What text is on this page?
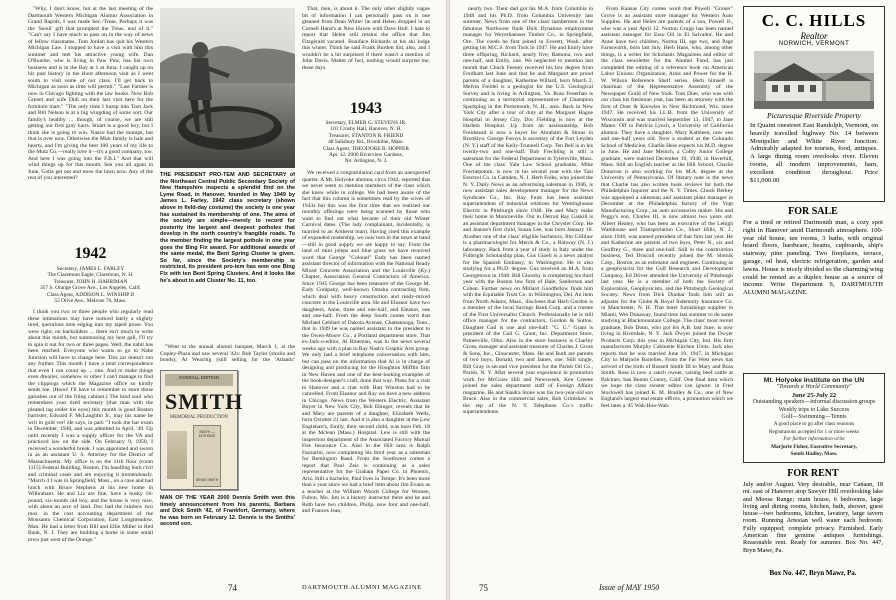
"Why, I don't know, but at the last meeting of the Dartmouth Western Michigan Alumni Association in Grand Rapids, I was made Sec.-Treas. Perhaps it was the 'Seoul' gift that prompted the Treas. end of it." "Can't say I have much to pass on in the way of news of fellow classmates. Tom Jordan has quit his Western Michigan Law. I stopped to have a visit with him this summer and met his attractive young wife. Dan O'Rourke, who is living in Paw Paw, has his own business and is in the Bay at 1 at Jima. I caught up on his past history in the short afternoon visit as I went south to visit some of our class. I'll get back to Michigan as soon as time will permit." "Last Farmer is now in Chicago fighting with the law books. Now Bob Grenel and wife Didi on their last visit here for the furniture mart." "The only time I bump into Tom Jack and Bill Nelson is at a big wingding of some sort. Our family's healthy ... though, of course, we are still getting our first gray hairs. Stuart is a good boy, but I think she is going to win. Nance had the mumps, but that is over now. Otherwise the Muir family is hale and hearty, and I'm giving the best 100 years of my life to the Mutz Co.—really love it—it's a good company, too. And here I was going into the F.B.I." And that will wind things up for this month. See you all again in June. Gotta get out and mow the lawn now. Any of the rest of you interested?

1942
Secretary, JAMES L. FARLEY
The Claremont Eagle, Claremont, N. H.
Treasurer, JOHN H. HARRIMAN
357 S. Orange Grove Ave., Los Angeles, Calif.
Class Agent, ADDISON L. WINSHIP II
55 Olive Ave., Melrose 76, Mass.

I think you two or three people who regularly read these intimations may have noticed lately a slightly tired, querulous note edging into my taped prose. You were right, on backsliders ... there isn't much to write about this month, but summoning my best gall, I'll try to spin it out for two or three pages. Well, the nabit has been reached. Everyone who wants to go to Nahe Junction will have to change here. This car doesn't run any further. This month I have a total correspondence that even I can count up ... one. And to make things even drearier, somehow or other I can't manage to find the clippings which the Magazine office so kindly sends me. (Hooo! I'll have to remember to store those galoshes out of the filing cabinet.) The kind soul who remembers your tired secretary (that man with the pleated tag under his eyes) this month is good Boston barrister, Edward F. McLaughlin Jr., may his name be writ in gold ver! He says, in part: "I took the bar exam in December, 1948, and was admitted in April, '49. Up until recently I was a supply officer for the VA and practiced law on the side. On February 9, 1950, I received a wonderful break. I was appointed and sworn in as an assistant U. S. Attorney for the District of Massachusetts. My office is on the 11th floor (room 1115) Federal Building, Boston. I'm handling both civil and criminal cases and am enjoying it tremendously. "March 4 I was in Springfield, Mass., on a case and had lunch with Bruce Stephens at his new home in Wilbraham. He and Liz are fine, have a husky 18-pound, six-month old boy, and the house is very nice, with about an acre of land. Doc had the rainbow two mos. in the cost accounting department of the Monsanto Chemical Corporation, East Longmeadow. Man. He had a letter from Bill and Ellie Miller in Red Bank, N. J. They are building a home in some small town just west of the Orange."

THE PRESIDENT PRO-TEM AND SECRETARY of the Northeast Central Public Secondary Society of New Hampshire inspects a splendid find on the Lyme Road, in Hanover, founded in May 1949 by James L. Farley, 1942 class secretary (shown above in field-day costume) the society is one year has sustained its membership of one. The aims of the society are simple—merely to record for posterity the largest and deepest potholes that develop in the north country's frangible roads. To the member finding the largest pothole in one year goes the Bing Fix award. For additional awards of the same medal, the Bent Spring Cluster is given. So far, since the Society's membership is restricted, its president pro-tem has won one Bing Fix with ten Bent Spring Clusters. And it looks like he's about to add Cluster No. 11, too.

"Went to the annual alumni banquet, March 1, at the Copley-Plaza and saw several '42s: Bob Taylor (stocks and bonds); Al Weachig (still selling for the 'Atlantic'

OVERALL EDITION
SMITH
MEMORIAL PRODUCTION
SMITH — EDITIONS
DENIS SMITH
MAN OF THE YEAR 2000 Dennis Smith won this timely announcement from his parents, Barbara and Dick Smith '42, of Frankfort, Germany, where he was born on February 12. Dennis is the Smiths' second son.

That, men, is about it. The only other slightly vague bit of information I can personally pass on is one gleaned from Dean White: he and Helen dropped in on Cornell Hand's at New Haven with Dave Hull. I hate to report that Helen still retains the office that Jim Fitzgerald vacated. Boniface Richards at his ski lodge this winter. Think he said Frank Burdett did, also, and I wouldn't be a bit surprised if there wasn't a mention of John Davis. Matter of fact, nothing would surprise me, these days.

1943
Secretary, ELMER G. STEVENS JR.
101 Crosby Hall, Hanover, N. H.
Treasurer, STANTON R. FRIEND
48 Salisbury Rd., Brookline, Mass.
Class Agent, THEODORE R. HOPPER
Apt. 12, 2000 Riverview Gardens,
No. Arlington, N. J.

We received a congratulation card from an unexpected quarter. A Mt. Holyoke alumna, circa 1942, reported that we never seem to mention members of the class which she knew while in college. We had been aware of the fact that this column is sometimes read by the wives of 1943s but this was the first time that we realized our monthly offerings were being scanned by those who want to find out what became of their old Winter Carnival dates. (The lady complainant, incidentally, is married to an Amherst man). Having cited this example of expanded readership, we now turn to the news at hand—still in good supply we are happy to say. From the land of mint juleps and blue grass we have received word that George "Colonel" Eady has been named assistant director of information with the National Ready Mixed Concrete Association and the Louisville (Ky.) Chapter, Association General Contractors of America. Since 1945 George has been treasurer of the George M. Eady Company, well-known Omaha contracting firm, which deal with heavy construction and ready-mixed concrete in the Louisville area. He and Eleanor have two daughters, Anne, three and one-half, and Eleanor, one and one-half. From the deep South comes word that Michael Gebhart of Dakota Avenue, Chattanooga, Tenn., that in 1949 he was named assistant to the president to the Owen-Moore Co., a Portland department store. That ex-Jack-o-editor, Al Rineman, was in the news several weeks ago with a plan to Ray Nash's Graphic Arts group. We only had a brief telephone conversation with him, but can pass on the information that Al is in charge of designing and producing for the Houghton Mifflin firm in New Haven and one of the best-looking examples of the book-designer's craft, done that way. Plans for a visit to Hanover and a chat with Hart Winston had to be cancelled. From Eleanor and Ray we have a new address in Chicago. News from the Western Electric, Assistant Buyer in New York City, Bob Ebinger, reveals that he and Mary are parents of a daughter, Elizabeth Wells, born October 21 last. And it is also a daughter at the Lew Englehart's, Emily, their second child, was born Feb. 18 at the Mclean (Mass.) Hospital. Lew is still with the inspection department of the Associated Factory Mutual Fire Insurance Co. Also in the Hill area is Ralph Fazzarini, now completing his third year as a salesman for Remington Rand. From the Southwest comes a report that Paul Zeis is continuing as a sales representative for the Graham Paper Co. in Phoenix, Ariz. Still a bachelor, Paul lives in Tempe. It's been more than a year since we had a brief item about Jim Evans as a teacher at the William Woods College for Women, Fulton, Mo. Jim is a history instructor there and he and Ruth have two children, Philip, now four and one-half, and Frances Jean,

74	DARTMOUTH ALUMNI MAGAZINE

nearly two. Their dad got his M.A. from Columbia in 1948 and his Ph.D. from Columbia University last summer. News from one of the class' lumbermen in the fabulous Northwest finds Dick Dynamus employment manager for Weyerhaeuser Timber Co., in Springfield, Ore. The coeds he first joined in Everett, Wash. after getting his M.C.S. from Tuck in 1947. He and Emily have three offspring, Richard, nearly five; Ramona, two and one-half, and Emily, one. We neglected to mention last month that Chuck Feeney received his law degree from Fordham last June and that he and Margaret are proud parents of a daughter, Katherine Willard, born March 2. Melvin Freidel is a geologist for the U.S. Geological Survey and is living in Arlington, Va. Russ Feuerhan is continuing as a territorial representative of Champion Sparkplug in the Portsmouth, N. H., area. Back in New York City after a tour of duty at the Margaret Hague Hospital in Jersey City, Doc Fielding is now at the Harlem Hospital. Up from an assistantship, Bob Freidstead is now a buyer for Abraham & Straus in Brooklyn. George Fornys is secretary of the Fort Leyden (N. Y.) staff of the Kelly-Trunnell Corp. Ten Bell is in his twenty-two and one-half. Bob Frechling is still a salesman for the Federal Department in Tylersville, Mass. One of the class' Yale Law School graduates, Mike Frechepotom, is now in his second year with the Tosi Erectrol Co. in Camden, N. J. Herb Folks, who joined the N. Y. Daily News as an advertising salesman in 1946, is now assistant sales development manager for the News Syndicate Co., Inc. Ray Funk has been assistant superintendent of industrial relations for Westinghouse Electric in Pittsburgh since 1948. He and Mary make their home in Monroeville. Out in Detroit Ray Gaskill is an assistant department manager in the Chrysler Corp. He and Jeanne's first child, Susan Lee, was born January 18. Another one of the class' eligible bachelors, Jim Gillilaw is a pharmacologist for Merck & Co., a Rahway (N. J.) laboratory. Back from a year of study in Italy under the Fulbright Scholarship plan, Gus Gioeli is a news analyst for the Spanish Embassy, in Washington. He is also studying for a Ph.D. degree. Gus received an M.A. from Georgetown in 1948. Bill Gloosby is completing his third year with the Boston law firm of Hale, Sanderson and Cohen. Further news on Millard Goodfellow finds him with the Equitable Trust Co. in Wilmington, Del. An item from North Adams, Mass., discloses that Herb Gordon is a member of the local Savings Bank Corp. and a trustee of the First Universalist Church. Professionally he is still office manager for the contractors, Gordon & Sutton. Daughter Gail is one and one-half. "G. G." Grant is president of the Gail G. Grant, Inc. Department Store, Painesville, Ohio. Also in the store business is Charley Gross, manager and assistant treasurer of Charles J. Gross & Sons, Inc., Gloucester, Mass. He and Ruth are parents of two boys, Donald, two and James, one. Still single, Bill Gray is second vice president for the Parish Oil Co., Parish, N. Y. After several year experience in promotion work for McGraw Hill and Newsweek, Ken Greene joined the sales department staff of Foreign Affairs magazine. He and Sandra Stone was his two-year-old son Bruce. Also in the commercial sales, Bob Grimshaw is the rep of the N. Y. Telephone Co.'s traffic superintendents.

From Kansas City comes word that Powell "Gruner" Grove is an assistant store manager for Western Auto Supplies. He and Helen are parents of a son, Powell Jr., who was a year April 12. Norton Grupp has been named assistant manager for Esso Oil in El Salvador. He and Anne have two children, Norma III, age two, and Page Farnsworth, born last July. Herb Hans, who, among other things, is a writer for Scholastic Magazines and editor of the class newsletter for the Alumni Fund, has just completed the editing of a reference book on American Labor Unions: Organization, Aims and Power for the H. W. Wilson Reference Shelf series. Herb himself is chairman of the Representative Assembly of the Newspaper Guild of New York. Tom Doer, who was with our class his freshman year, has been an attorney with the firm of Doer & Knowles in New Richmond, Wis. since 1947. He received his LL.B. from the University of Wisconsin and was married September 13, 1947, to Jane Mateo. Off to Patricia Lynch, a University of California alumna. They have a daughter, Mary Kathleen, now one and one-half years old. Now a student at the Colorado School of Medicine, Charlie Hess expects his M.D. degree in June. He and Jane Meinch, a Colby Junior College graduate, were married December 19, 1948, in Haverhill, Mass. Still an English teacher at the Hill School, Charlie Donovan is also working for his M.A. degree at the University of Pennsylvania. Of literary note is the news that Charlie has also written book reviews for both the Philadelphia Inquirer and the N. Y. Times. Chuck Berkey was appointed a salesman and assistant plant manager in December at the Philadelphia factory of the Vogt Manufacturing Corp., an auto accessories maker. His and Peggy's son, Charles III, is now almost two years old. Albert Healey, who has been an executive of the Lehigh Warehouse and Transportation Co., Short Hills, N. J., since 1946, was named president of that firm last year. He and Katherine are parents of two boys, Peter N., six and Geoffrey G., three and one-half. Still in the construction business, Ted Driscoll recently joined the M. Slotnik Corp., Boston, as an estimator and engineer. Continuing as a geophysicist for the Gulf Research and Development Company, Ed Driver attended the University of Pittsburgh last year. He is a member of both the Society of Exploration, Geophysicists, and the Pittsburgh Geological Society. News from Dick Dunbar finds him still an adjuster for the Globe & Royal Indemnity Insurance Co. in Manchester, N. H. That hotel furnishings supplier in Miami, Wes Dunaway, found time last summer to do some studying at Blackmountain College. The class' most recent graduate, Bob Dunn, who got his A.B. last June, is now living in Riverdale, N. Y. Jack Dwyer joined the Dwyer Products Corp. this year in Michigan City, Ind. His firm manufactures Murphy Cabinette Kitchen Units. Jack also reports that he was married June 19, 1947, in Michigan City to Marjorie Bartelles. From the Far West news has arrived of the birth of Russell Smith III to Mary and Russ Smith. Russ is now a ranch owner, raising beef cattle at Palcines, San Benito County, Calif. One final item which we hope the class rooster editor can ignore: in Fred Stockwell has joined K. M. Bradley & Co., one of New England's largest real estate offices, a promotion which we feel rates a '45 Wah-Hoo-Wah.

C. C. HILLS
Realtor
NORWICH, VERMONT
Picturesque Riverside Property
In Quaint onestreet East Randolph, Vermont, on heavily travelled highway No. 14 between Montpelier and White River Junction. Admirably adapted for tourists, food, antiques. A large dining room overlooks river. Eleven rooms, all modern improvements, barn, excellent condition throughout. Price $11,000.00
FOR SALE
For a tired or retired Dartmouth man, a cozy spot right in Hanover amid Dartmouth atmosphere. 100-year old house, ten rooms, 3 baths, with original board floors, hardware, beams, cupboards, ship's stairway, pine paneling. Two fireplaces, terrace, garage, oil heat, electric refrigeration, garden and lawns. House is nicely divided so the charming wing could be rented as a duplex house as a source of income. Write Department S, DARTMOUTH ALUMNI MAGAZINE.
Mt. Holyoke Institute on the UN
"Towards a World Community"
June 25-July 22
Outstanding speakers—informal discussion groups
Weekly trips to Lake Success
Golf—Swimming—Tennis
A good place to go after class reunions
Registrations accepted for 1 or more weeks
For further information write
Marjorie Fisher, Executive Secretary,
South Hadley, Mass.
FOR RENT
July and/or August. Very desirable, near Canaan, 18 mi. east of Hanover atop Sawyer Hill overlooking lake and Moose Range; main house, 6 bedrooms, large living and dining rooms, kitchen, bath, shower, guest house—two bedrooms, kitchen, lavatory, large tavern room. Running Artesian well water each bedroom. Fully equipped; complete privacy. Furnished. Early American fine genuine antiques furnishings. Reasonable rent. Ready for summer. Box No. 447, Bryn Mawr, Pa.
Box No. 447, Bryn Mawr, Pa.
75	Issue of MAY 1950
